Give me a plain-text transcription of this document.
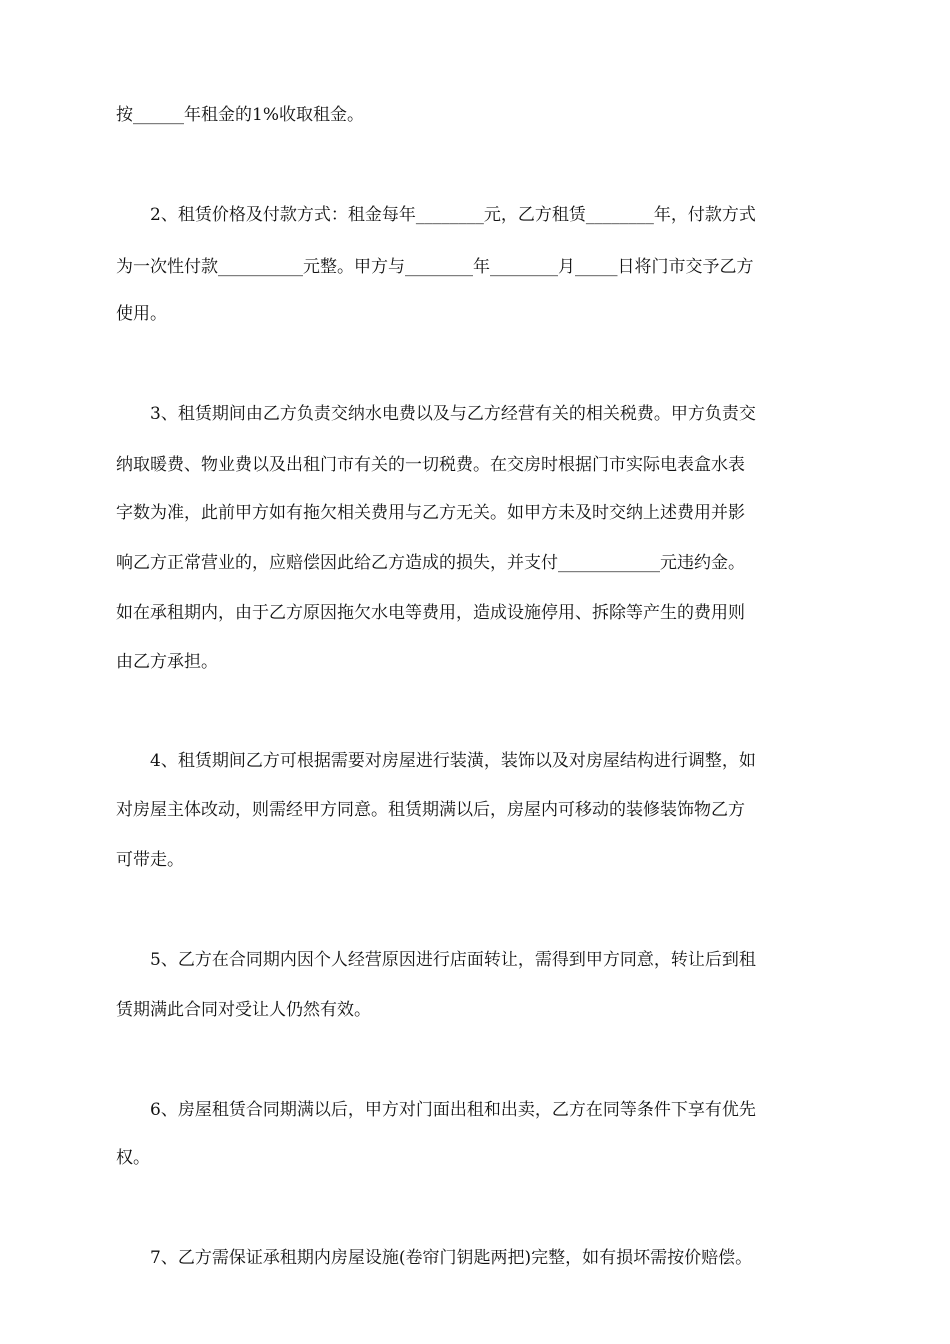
按______年租金的1%收取租金。
2、租赁价格及付款方式：租金每年________元，乙方租赁________年，付款方式
为一次性付款__________元整。甲方与________年________月_____日将门市交予乙方
使用。
3、租赁期间由乙方负责交纳水电费以及与乙方经营有关的相关税费。甲方负责交
纳取暖费、物业费以及出租门市有关的一切税费。在交房时根据门市实际电表盒水表
字数为准，此前甲方如有拖欠相关费用与乙方无关。如甲方未及时交纳上述费用并影
响乙方正常营业的，应赔偿因此给乙方造成的损失，并支付____________元违约金。
如在承租期内，由于乙方原因拖欠水电等费用，造成设施停用、拆除等产生的费用则
由乙方承担。
4、租赁期间乙方可根据需要对房屋进行装潢，装饰以及对房屋结构进行调整，如
对房屋主体改动，则需经甲方同意。租赁期满以后，房屋内可移动的装修装饰物乙方
可带走。
5、乙方在合同期内因个人经营原因进行店面转让，需得到甲方同意，转让后到租
赁期满此合同对受让人仍然有效。
6、房屋租赁合同期满以后，甲方对门面出租和出卖，乙方在同等条件下享有优先
权。
7、乙方需保证承租期内房屋设施(卷帘门钥匙两把)完整，如有损坏需按价赔偿。
